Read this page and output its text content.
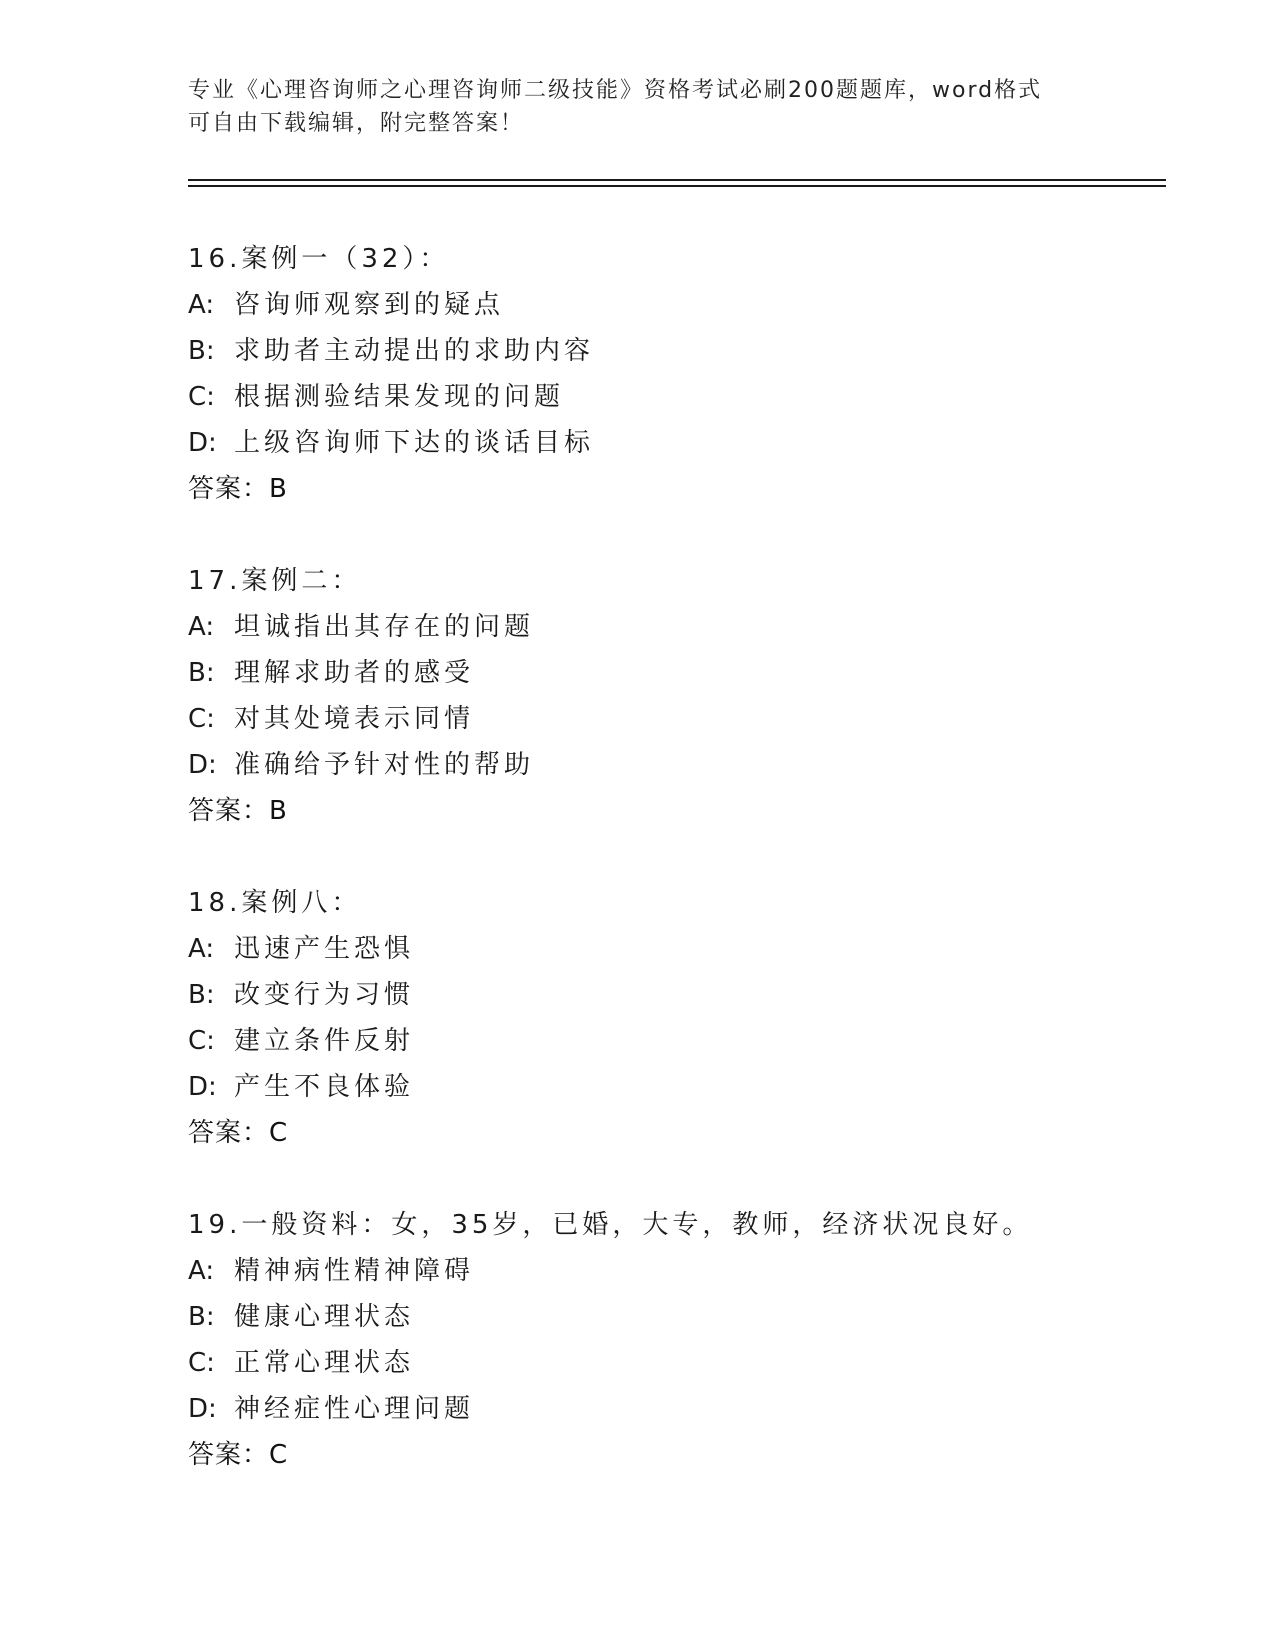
专业《心理咨询师之心理咨询师二级技能》资格考试必刷200题题库，word格式
可自由下载编辑，附完整答案！
16.案例一（32）：
A: 咨询师观察到的疑点
B: 求助者主动提出的求助内容
C: 根据测验结果发现的问题
D: 上级咨询师下达的谈话目标
答案：B
17.案例二：
A: 坦诚指出其存在的问题
B: 理解求助者的感受
C: 对其处境表示同情
D: 准确给予针对性的帮助
答案：B
18.案例八：
A: 迅速产生恐惧
B: 改变行为习惯
C: 建立条件反射
D: 产生不良体验
答案：C
19.一般资料：女，35岁，已婚，大专，教师，经济状况良好。
A: 精神病性精神障碍
B: 健康心理状态
C: 正常心理状态
D: 神经症性心理问题
答案：C
